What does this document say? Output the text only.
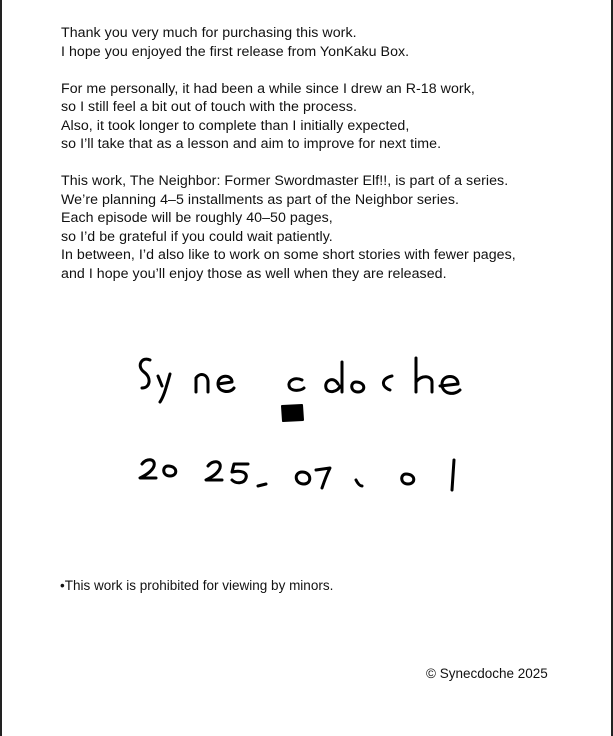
Thank you very much for purchasing this work.
I hope you enjoyed the first release from YonKaku Box.

For me personally, it had been a while since I drew an R-18 work,
so I still feel a bit out of touch with the process.
Also, it took longer to complete than I initially expected,
so I’ll take that as a lesson and aim to improve for next time.

This work, The Neighbor: Former Swordmaster Elf!!, is part of a series.
We’re planning 4–5 installments as part of the Neighbor series.
Each episode will be roughly 40–50 pages,
so I’d be grateful if you could wait patiently.
In between, I’d also like to work on some short stories with fewer pages,
and I hope you’ll enjoy those as well when they are released.

•This work is prohibited for viewing by minors.
© Synecdoche 2025
